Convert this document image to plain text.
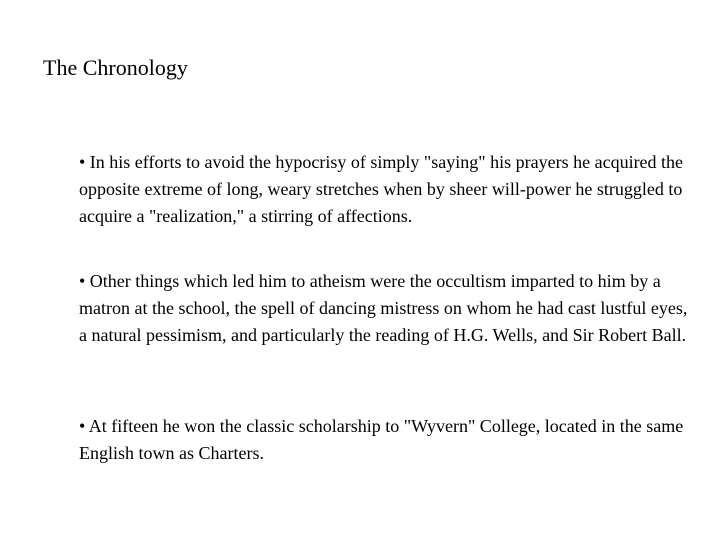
The Chronology

• In his efforts to avoid the hypocrisy of simply "saying" his prayers he acquired the opposite extreme of long, weary stretches when by sheer will-power he struggled to acquire a "realization," a stirring of affections.

• Other things which led him to atheism were the occultism imparted to him by a matron at the school, the spell of dancing mistress on whom he had cast lustful eyes, a natural pessimism, and particularly the reading of H.G. Wells, and Sir Robert Ball.

• At fifteen he won the classic scholarship to "Wyvern" College, located in the same English town as Charters.
